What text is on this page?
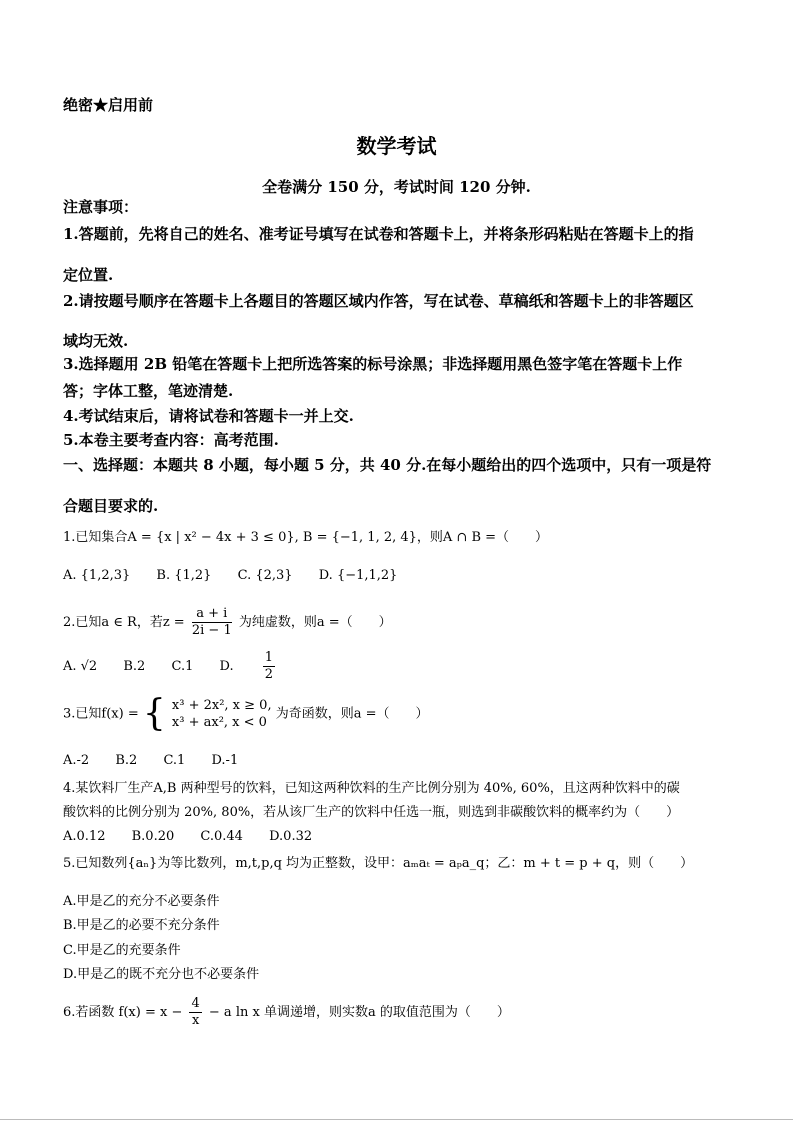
绝密★启用前
数学考试
全卷满分 150 分，考试时间 120 分钟.
注意事项：
1.答题前，先将自己的姓名、准考证号填写在试卷和答题卡上，并将条形码粘贴在答题卡上的指
定位置.
2.请按题号顺序在答题卡上各题目的答题区域内作答，写在试卷、草稿纸和答题卡上的非答题区
域均无效.
3.选择题用 2B 铅笔在答题卡上把所选答案的标号涂黑；非选择题用黑色签字笔在答题卡上作
答；字体工整，笔迹清楚.
4.考试结束后，请将试卷和答题卡一并上交.
5.本卷主要考查内容：高考范围.
一、选择题：本题共 8 小题，每小题 5 分，共 40 分.在每小题给出的四个选项中，只有一项是符
合题目要求的.
1.已知集合A = {x | x² − 4x + 3 ≤ 0}, B = {−1, 1, 2, 4}，则A ∩ B =（　　）
A. {1,2,3} B. {1,2} C. {2,3} D. {−1,1,2}
2.已知a ∈ R，若$z = \frac{a + i}{2i - 1}$ 为纯虚数，则a =（　　）
A. √2 B.2 C.1 D. $\frac{1}{2}$
3.已知f(x) = { x³ + 2x², x ≥ 0,
x³ + ax², x < 0
为奇函数，则a =（　　）
A.-2 B.2 C.1 D.-1
4.某饮料厂生产A,B 两种型号的饮料，已知这两种饮料的生产比例分别为 40%, 60%，且这两种饮料中的碳
酸饮料的比例分别为 20%, 80%，若从该厂生产的饮料中任选一瓶，则选到非碳酸饮料的概率约为（　　）
A.0.12 B.0.20 C.0.44 D.0.32
5.已知数列{aₙ}为等比数列，m,t,p,q 均为正整数，设甲：aₘaₜ = aₚa_q；乙：m + t = p + q，则（　　）
A.甲是乙的充分不必要条件
B.甲是乙的必要不充分条件
C.甲是乙的充要条件
D.甲是乙的既不充分也不必要条件
6.若函数 $f(x) = x - \frac{4}{x} - a$ ln x 单调递增，则实数a 的取值范围为（　　）
